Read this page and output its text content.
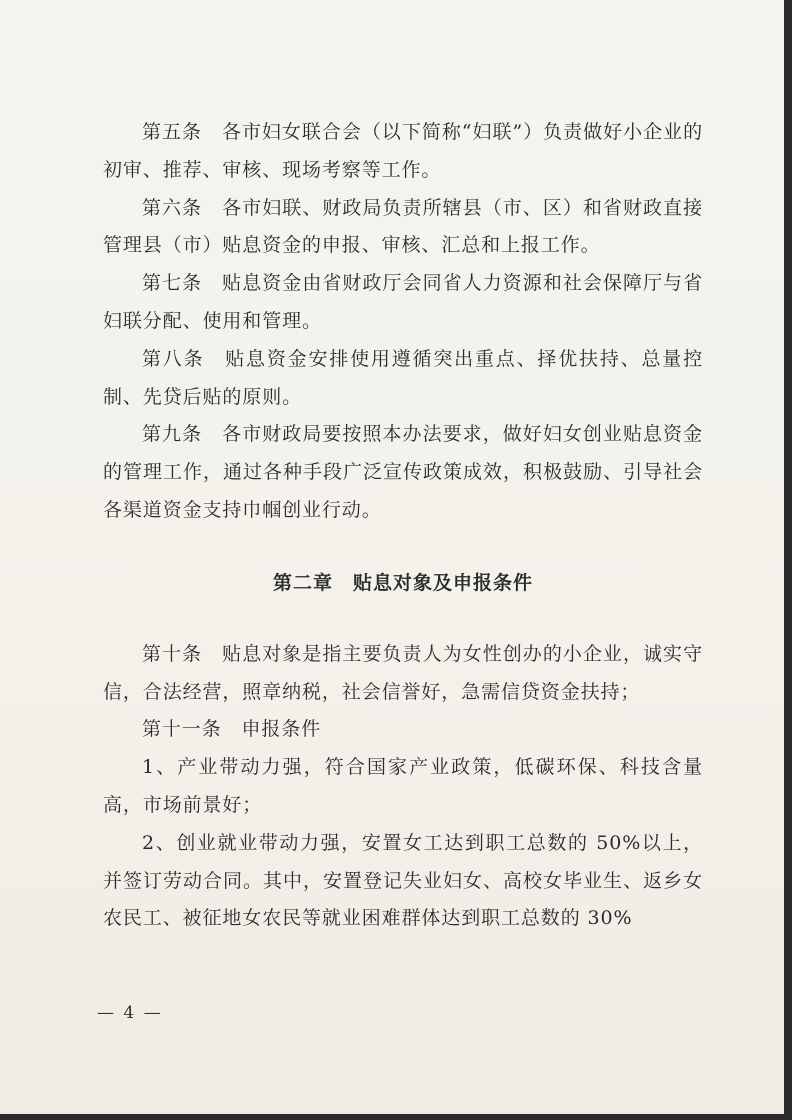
第五条　各市妇女联合会（以下简称“妇联”）负责做好小企业的初审、推荐、审核、现场考察等工作。

第六条　各市妇联、财政局负责所辖县（市、区）和省财政直接管理县（市）贴息资金的申报、审核、汇总和上报工作。

第七条　贴息资金由省财政厅会同省人力资源和社会保障厅与省妇联分配、使用和管理。

第八条　贴息资金安排使用遵循突出重点、择优扶持、总量控制、先贷后贴的原则。

第九条　各市财政局要按照本办法要求，做好妇女创业贴息资金的管理工作，通过各种手段广泛宣传政策成效，积极鼓励、引导社会各渠道资金支持巾帼创业行动。

第二章　贴息对象及申报条件

第十条　贴息对象是指主要负责人为女性创办的小企业，诚实守信，合法经营，照章纳税，社会信誉好，急需信贷资金扶持；

第十一条　申报条件

1、产业带动力强，符合国家产业政策，低碳环保、科技含量高，市场前景好；

2、创业就业带动力强，安置女工达到职工总数的 50%以上，并签订劳动合同。其中，安置登记失业妇女、高校女毕业生、返乡女农民工、被征地女农民等就业困难群体达到职工总数的 30%

— 4 —
